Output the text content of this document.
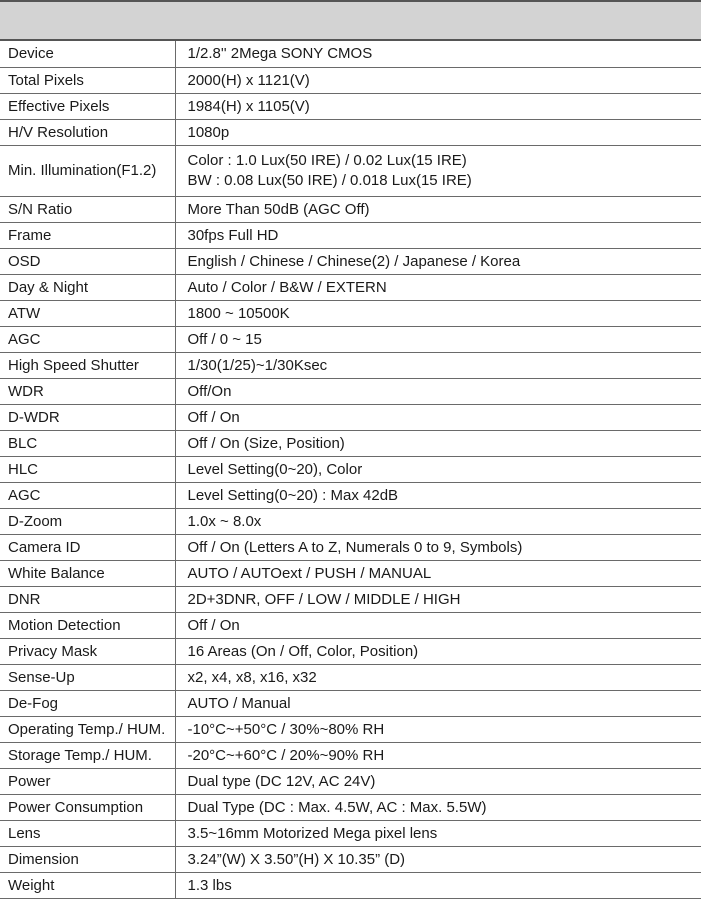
Device	1/2.8'' 2Mega SONY CMOS

Total Pixels	2000(H) x 1121(V)

Effective Pixels	1984(H) x 1105(V)

H/V Resolution	1080p

Min. Illumination(F1.2)	Color : 1.0 Lux(50 IRE) / 0.02 Lux(15 IRE)
BW : 0.08 Lux(50 IRE) / 0.018 Lux(15 IRE)

S/N Ratio	More Than 50dB (AGC Off)

Frame	30fps Full HD

OSD	English / Chinese / Chinese(2) / Japanese / Korea

Day & Night	Auto / Color / B&W / EXTERN

ATW	1800 ~ 10500K

AGC	Off / 0 ~ 15

High Speed Shutter	1/30(1/25)~1/30Ksec

WDR	Off/On

D-WDR	Off / On

BLC	Off / On (Size, Position)

HLC	Level Setting(0~20), Color

AGC	Level Setting(0~20) : Max 42dB

D-Zoom	1.0x ~ 8.0x

Camera ID	Off / On (Letters A to Z, Numerals 0 to 9, Symbols)

White Balance	AUTO / AUTOext / PUSH / MANUAL

DNR	2D+3DNR, OFF / LOW / MIDDLE / HIGH

Motion Detection	Off / On

Privacy Mask	16 Areas (On / Off, Color, Position)

Sense-Up	x2, x4, x8, x16, x32

De-Fog	AUTO / Manual

Operating Temp./ HUM.	-10°C~+50°C / 30%~80% RH

Storage Temp./ HUM.	-20°C~+60°C / 20%~90% RH

Power	Dual type (DC 12V, AC 24V)

Power Consumption	Dual Type (DC : Max. 4.5W, AC : Max. 5.5W)

Lens	3.5~16mm Motorized Mega pixel lens

Dimension	3.24”(W) X 3.50”(H) X 10.35” (D)

Weight	1.3 lbs
